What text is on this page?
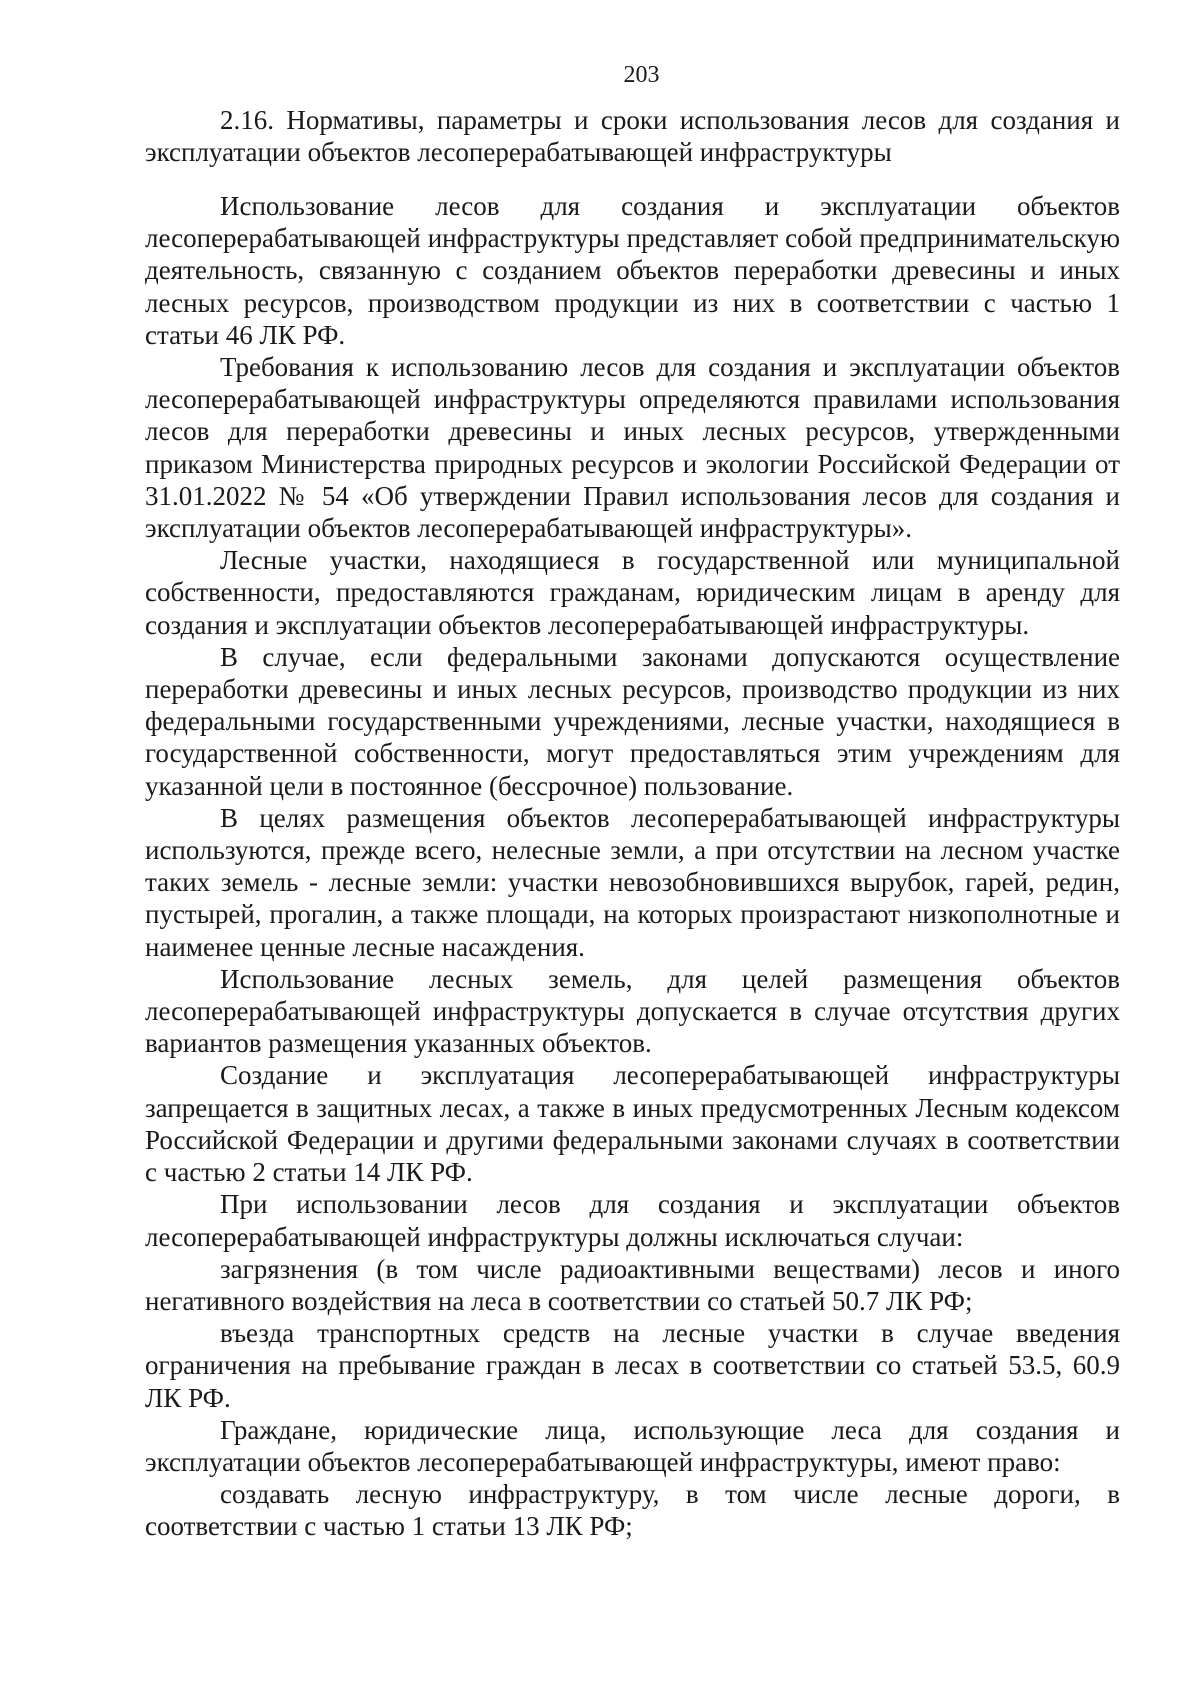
203

2.16. Нормативы, параметры и сроки использования лесов для создания и эксплуатации объектов лесоперерабатывающей инфраструктуры

Использование лесов для создания и эксплуатации объектов лесоперерабатывающей инфраструктуры представляет собой предпринимательскую деятельность, связанную с созданием объектов переработки древесины и иных лесных ресурсов, производством продукции из них в соответствии с частью 1 статьи 46 ЛК РФ.

Требования к использованию лесов для создания и эксплуатации объектов лесоперерабатывающей инфраструктуры определяются правилами использования лесов для переработки древесины и иных лесных ресурсов, утвержденными приказом Министерства природных ресурсов и экологии Российской Федерации от 31.01.2022 № 54 «Об утверждении Правил использования лесов для создания и эксплуатации объектов лесоперерабатывающей инфраструктуры».

Лесные участки, находящиеся в государственной или муниципальной собственности, предоставляются гражданам, юридическим лицам в аренду для создания и эксплуатации объектов лесоперерабатывающей инфраструктуры.

В случае, если федеральными законами допускаются осуществление переработки древесины и иных лесных ресурсов, производство продукции из них федеральными государственными учреждениями, лесные участки, находящиеся в государственной собственности, могут предоставляться этим учреждениям для указанной цели в постоянное (бессрочное) пользование.

В целях размещения объектов лесоперерабатывающей инфраструктуры используются, прежде всего, нелесные земли, а при отсутствии на лесном участке таких земель - лесные земли: участки невозобновившихся вырубок, гарей, редин, пустырей, прогалин, а также площади, на которых произрастают низкополнотные и наименее ценные лесные насаждения.

Использование лесных земель, для целей размещения объектов лесоперерабатывающей инфраструктуры допускается в случае отсутствия других вариантов размещения указанных объектов.

Создание и эксплуатация лесоперерабатывающей инфраструктуры запрещается в защитных лесах, а также в иных предусмотренных Лесным кодексом Российской Федерации и другими федеральными законами случаях в соответствии с частью 2 статьи 14 ЛК РФ.

При использовании лесов для создания и эксплуатации объектов лесоперерабатывающей инфраструктуры должны исключаться случаи:

загрязнения (в том числе радиоактивными веществами) лесов и иного негативного воздействия на леса в соответствии со статьей 50.7 ЛК РФ;

въезда транспортных средств на лесные участки в случае введения ограничения на пребывание граждан в лесах в соответствии со статьей 53.5, 60.9 ЛК РФ.

Граждане, юридические лица, использующие леса для создания и эксплуатации объектов лесоперерабатывающей инфраструктуры, имеют право:

создавать лесную инфраструктуру, в том числе лесные дороги, в соответствии с частью 1 статьи 13 ЛК РФ;
